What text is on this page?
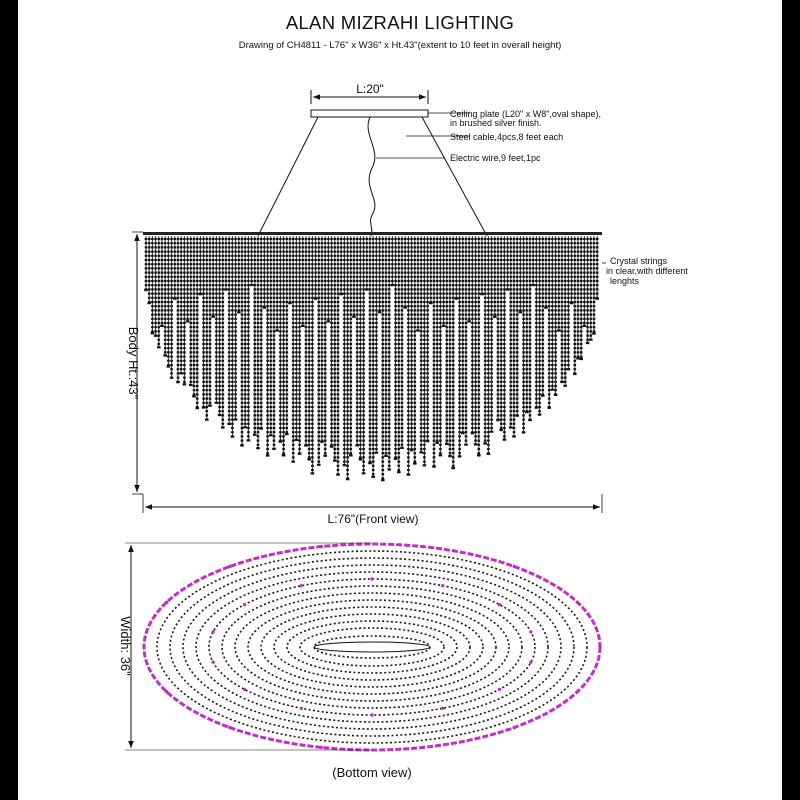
ALAN MIZRAHI LIGHTING
Drawing of CH4811 - L76" x W36" x Ht.43"(extent to 10 feet in overall height)
L:20"
Ceiling plate (L20" x W8",oval shape),
in brushed silver finish.
Steel cable,4pcs,8 feet each
Electric wire,9 feet,1pc
Crystal strings
in clear,with different
lenghts
Body Ht.:43"
L:76"(Front view)
Width: 36"
(Bottom view)
